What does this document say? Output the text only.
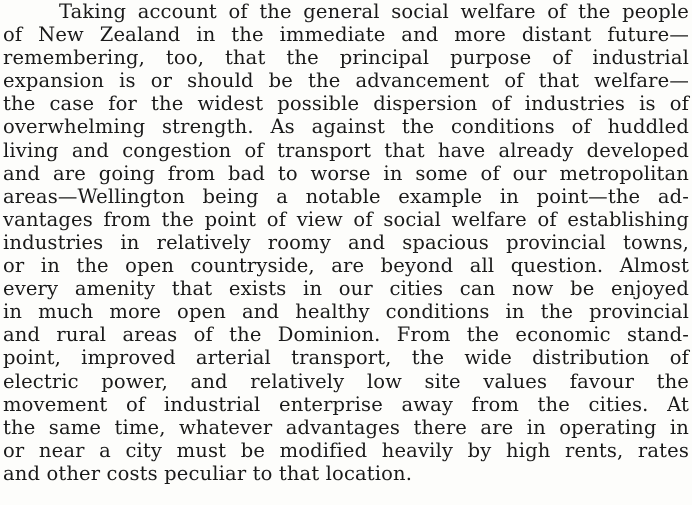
Taking account of the general social welfare of the people
of New Zealand in the immediate and more distant future—
remembering, too, that the principal purpose of industrial
expansion is or should be the advancement of that welfare—
the case for the widest possible dispersion of industries is of
overwhelming strength. As against the conditions of huddled
living and congestion of transport that have already developed
and are going from bad to worse in some of our metropolitan
areas—Wellington being a notable example in point—the ad-
vantages from the point of view of social welfare of establishing
industries in relatively roomy and spacious provincial towns,
or in the open countryside, are beyond all question. Almost
every amenity that exists in our cities can now be enjoyed
in much more open and healthy conditions in the provincial
and rural areas of the Dominion. From the economic stand-
point, improved arterial transport, the wide distribution of
electric power, and relatively low site values favour the
movement of industrial enterprise away from the cities. At
the same time, whatever advantages there are in operating in
or near a city must be modified heavily by high rents, rates
and other costs peculiar to that location.
